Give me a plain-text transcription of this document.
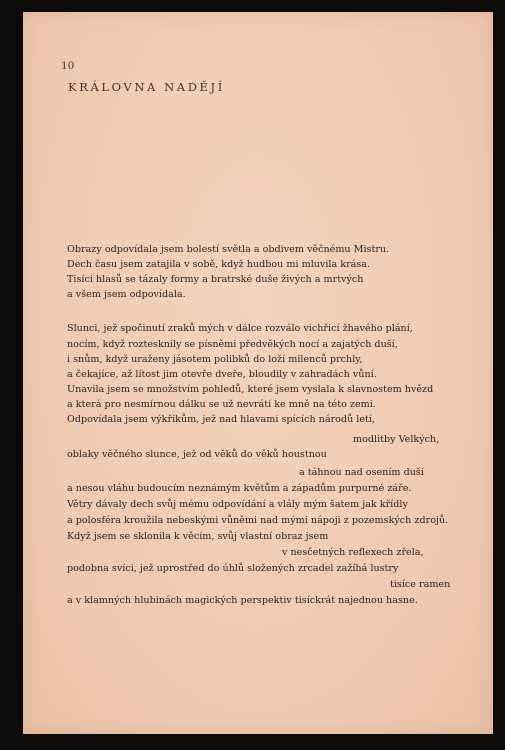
10
KRÁLOVNA NADĚJÍ
Obrazy odpovídala jsem bolestí světla a obdivem věčnému Mistru.
Dech času jsem zatajila v sobě, když hudbou mi mluvila krása.
Tisíci hlasů se tázaly formy a bratrské duše živých a mrtvých
a všem jsem odpovídala.
Slunci, jež spočinutí zraků mých v dálce rozválo vichřicí žhavého plání,
nocím, když roztesknily se písněmi předvěkých nocí a zajatých duší,
i snům, když uraženy jásotem polibků do loží milenců prchly,
a čekajíce, až lítost jim otevře dveře, bloudily v zahradách vůní.
Unavila jsem se množstvím pohledů, které jsem vyslala k slavnostem hvězd
a která pro nesmírnou dálku se už nevrátí ke mně na této zemi.
Odpovídala jsem výkřikům, jež nad hlavami spících národů letí,
modlitby Velkých,
oblaky věčného slunce, jež od věků do věků houstnou
a táhnou nad osením duší
a nesou vláhu budoucím neznámým květům a západům purpurné záře.
Větry dávaly dech svůj mému odpovídání a vlály mým šatem jak křídly
a polosféra kroužila nebeskými vůněmi nad mými nápoji z pozemských zdrojů.
Když jsem se sklonila k věcím, svůj vlastní obraz jsem
v nesčetných reflexech zřela,
podobna svíci, jež uprostřed do úhlů složených zrcadel zažíhá lustry
tisíce ramen
a v klamných hlubinách magických perspektiv tisíckrát najednou hasne.
